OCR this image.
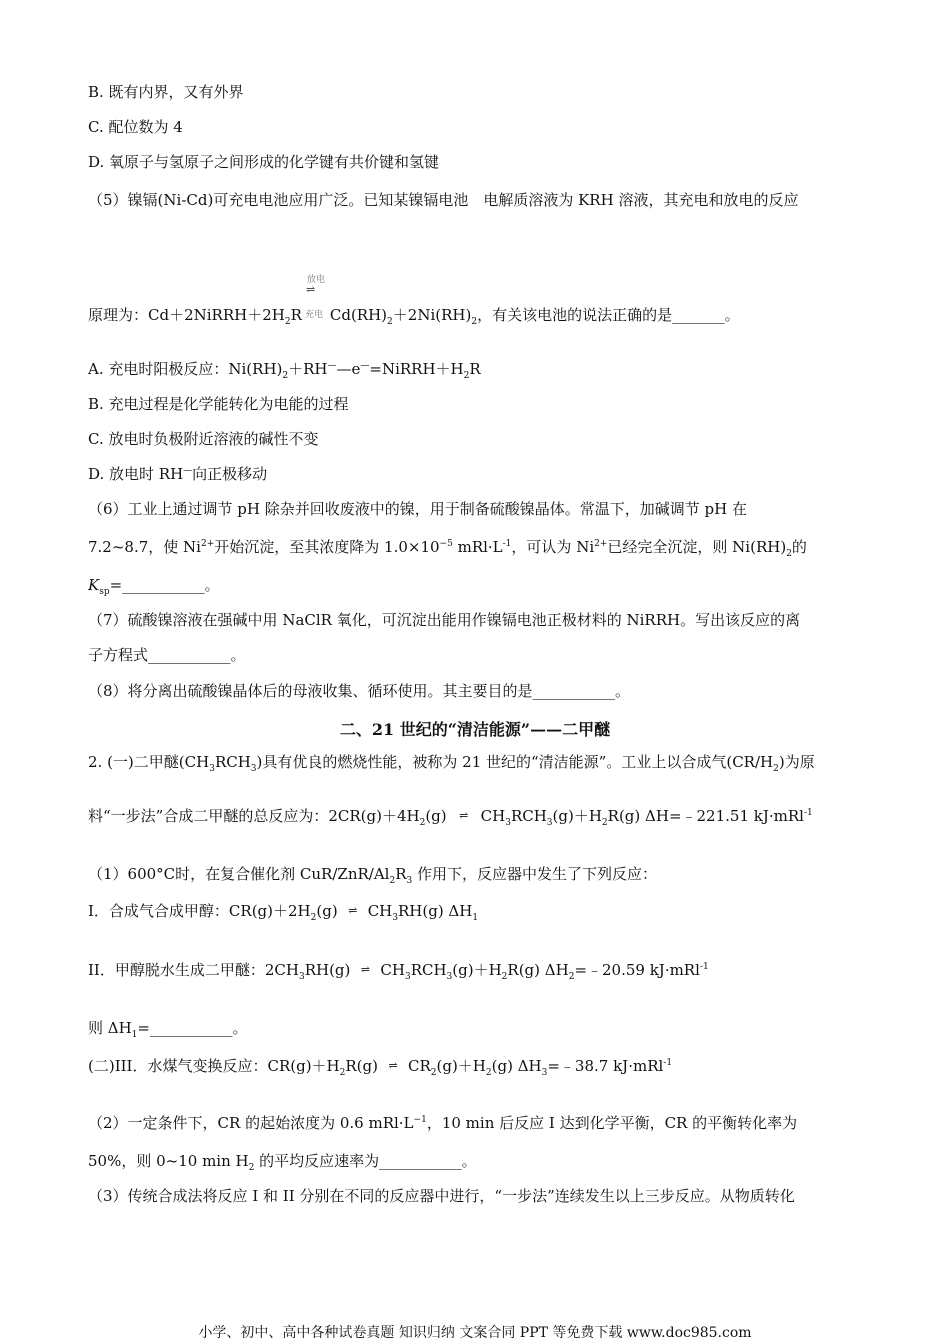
B. 既有内界，又有外界
C. 配位数为 4
D. 氧原子与氢原子之间形成的化学键有共价键和氢键
（5）镍镉(Ni-Cd)可充电电池应用广泛。已知某镍镉电池　电解质溶液为 KRH 溶液，其充电和放电的反应
放电
⇌
充电
原理为：$Cd+2NiRRH+2H_2R$ $Cd(RH)_2+2Ni(RH)_2$，有关该电池的说法正确的是_______。
A. 充电时阳极反应：$Ni(RH)_2+RH^——e^—=NiRRH+H_2R$
B. 充电过程是化学能转化为电能的过程
C. 放电时负极附近溶液的碱性不变
D. 放电时 RH—向正极移动
（6）工业上通过调节 pH 除杂并回收废液中的镍，用于制备硫酸镍晶体。常温下，加碱调节 pH 在
7.2~8.7，使 $Ni^{2+}$开始沉淀，至其浓度降为 $1.0\times 10^{-5}$ $mRl\cdot L^{-1}$，可认为 $Ni^{2+}$已经完全沉淀，则 $Ni(RH)_2$的
$K_{sp}=\_\_\_\_\_\_\_\_\_\_\_$。
（7）硫酸镍溶液在强碱中用 NaClR 氧化，可沉淀出能用作镍镉电池正极材料的 NiRRH。写出该反应的离
子方程式___________。
（8）将分离出硫酸镍晶体后的母液收集、循环使用。其主要目的是___________。
二、21 世纪的“清洁能源”——二甲醚
2. (一)二甲醚$(CH_3RCH_3)$具有优良的燃烧性能，被称为 21 世纪的“清洁能源”。工业上以合成气$(CR/H_2)$为原
料“一步法”合成二甲醚的总反应为：$2CR(g)+4H_2(g)$ ⇌ $CH_3RCH_3(g)+H_2R(g)$ ΔH=﹣221.51 kJ·mRl$^{-1}$
（1）600°C时，在复合催化剂 CuR/$ZnR/Al_2R_3$ 作用下，反应器中发生了下列反应：
I．合成气合成甲醇：$CR(g)+2H_2(g)$ ⇌ $CH_3RH(g)$ $\Delta H_1$
II．甲醇脱水生成二甲醚：$2CH_3RH(g)$ ⇌ $CH_3RCH_3(g)+H_2R(g)$ $\Delta H_2=﹣20.59$ kJ·mRl$^{-1}$
则 $\Delta H_1=\_\_\_\_\_\_\_\_\_\_\_$。
(二)III．水煤气变换反应：$CR(g)+H_2R(g)$ ⇌ $CR_2(g)+H_2(g)$ $\Delta H_3=﹣38.7$ kJ·mRl$^{-1}$
（2）一定条件下，CR 的起始浓度为 0.6 $mRl\cdot L^{-1}$，10 min 后反应 I 达到化学平衡，CR 的平衡转化率为
50%，则 0~10 $\min H_2$ 的平均反应速率为___________。
（3）传统合成法将反应 I 和 II 分别在不同的反应器中进行，“一步法”连续发生以上三步反应。从物质转化
小学、初中、高中各种试卷真题 知识归纳 文案合同 PPT 等免费下载 www.doc985.com
